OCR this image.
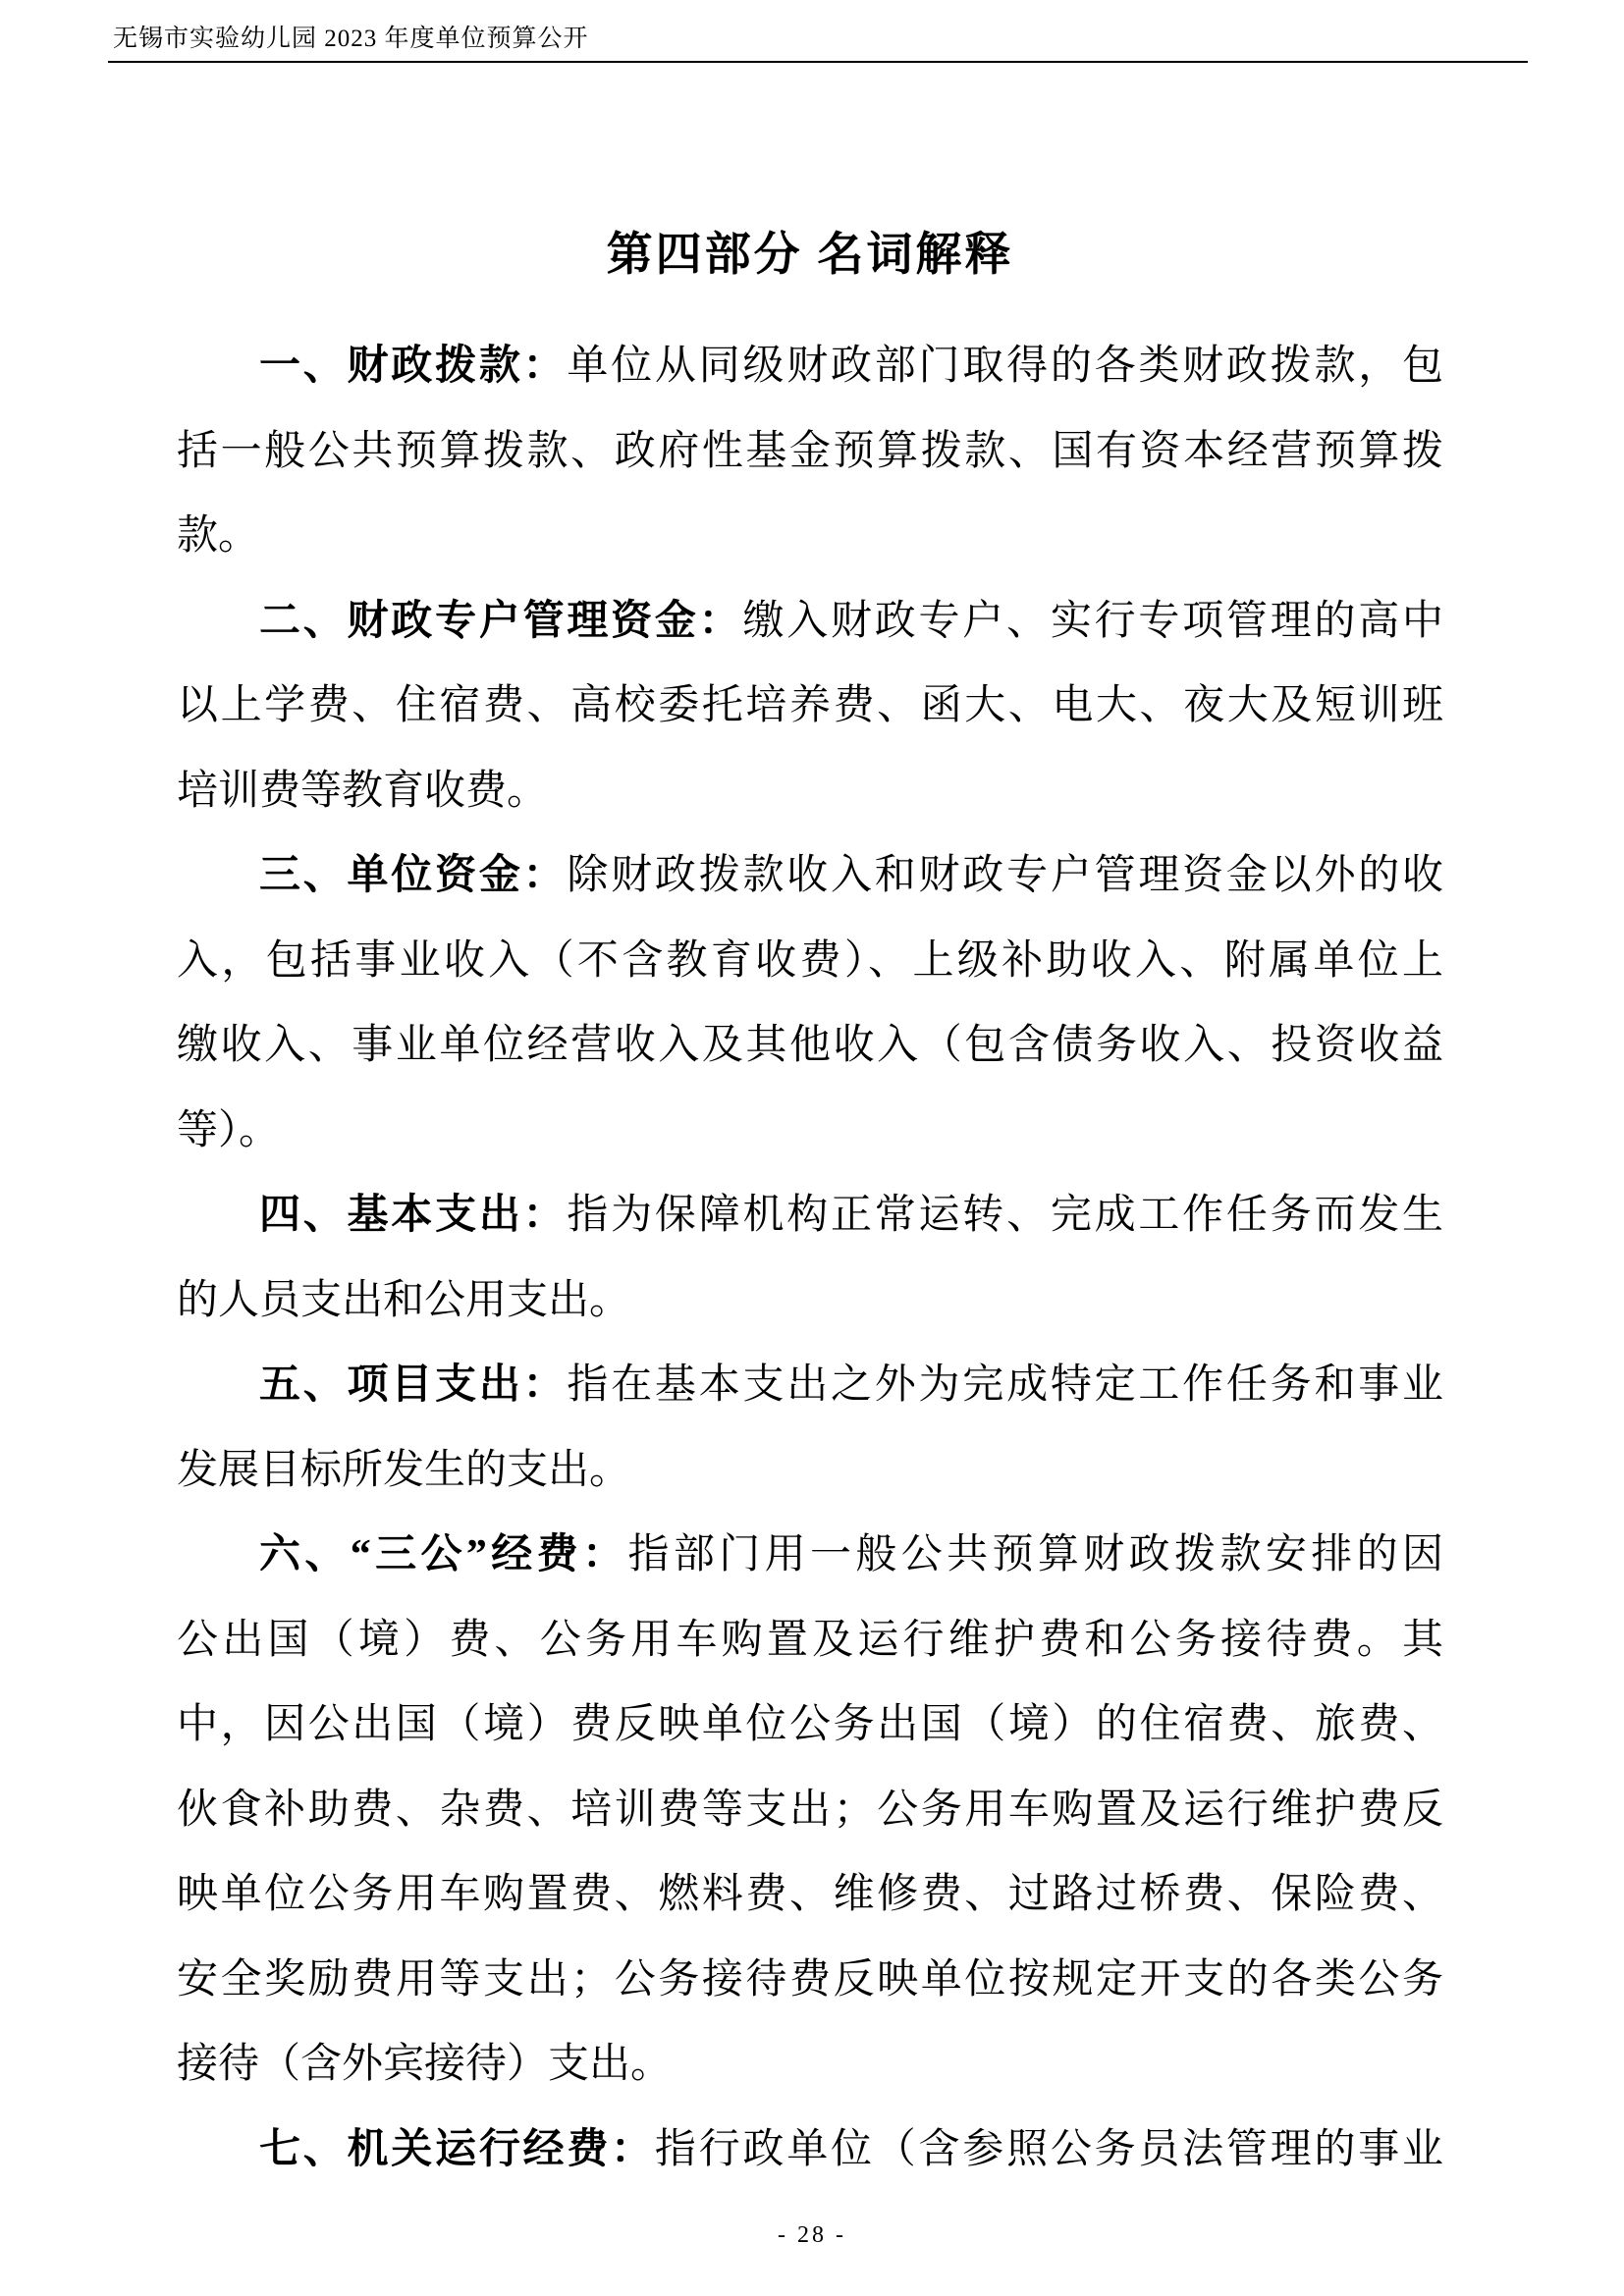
无锡市实验幼儿园 2023 年度单位预算公开
第四部分 名词解释
一、财政拨款：单位从同级财政部门取得的各类财政拨款，包
括一般公共预算拨款、政府性基金预算拨款、国有资本经营预算拨
款。
二、财政专户管理资金：缴入财政专户、实行专项管理的高中
以上学费、住宿费、高校委托培养费、函大、电大、夜大及短训班
培训费等教育收费。
三、单位资金：除财政拨款收入和财政专户管理资金以外的收
入，包括事业收入（不含教育收费）、上级补助收入、附属单位上
缴收入、事业单位经营收入及其他收入（包含债务收入、投资收益
等）。
四、基本支出：指为保障机构正常运转、完成工作任务而发生
的人员支出和公用支出。
五、项目支出：指在基本支出之外为完成特定工作任务和事业
发展目标所发生的支出。
六、“三公”经费：指部门用一般公共预算财政拨款安排的因
公出国（境）费、公务用车购置及运行维护费和公务接待费。其
中，因公出国（境）费反映单位公务出国（境）的住宿费、旅费、
伙食补助费、杂费、培训费等支出；公务用车购置及运行维护费反
映单位公务用车购置费、燃料费、维修费、过路过桥费、保险费、
安全奖励费用等支出；公务接待费反映单位按规定开支的各类公务
接待（含外宾接待）支出。
七、机关运行经费：指行政单位（含参照公务员法管理的事业
- 28 -
